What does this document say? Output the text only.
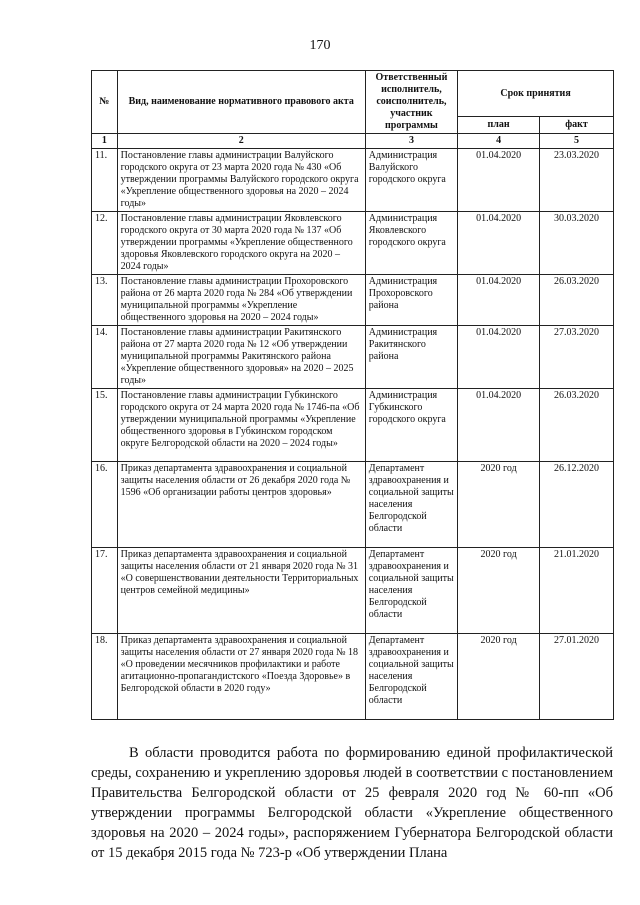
170
№	Вид, наименование нормативного правового акта	Ответственный исполнитель, соисполнитель, участник программы	Срок принятия	
			план	факт
1	2	3	4	5
11.	Постановление главы администрации Валуйского городского округа от 23 марта 2020 года № 430 «Об утверждении программы Валуйского городского округа «Укрепление общественного здоровья на 2020 – 2024 годы»	Администрация Валуйского городского округа	01.04.2020	23.03.2020
12.	Постановление главы администрации Яковлевского городского округа от 30 марта 2020 года № 137 «Об утверждении программы «Укрепление общественного здоровья Яковлевского городского округа на 2020 – 2024 годы»	Администрация Яковлевского городского округа	01.04.2020	30.03.2020
13.	Постановление главы администрации Прохоровского района от 26 марта 2020 года № 284 «Об утверждении муниципальной программы «Укрепление общественного здоровья на 2020 – 2024 годы»	Администрация Прохоровского района	01.04.2020	26.03.2020
14.	Постановление главы администрации Ракитянского района от 27 марта 2020 года № 12 «Об утверждении муниципальной программы Ракитянского района «Укрепление общественного здоровья» на 2020 – 2025 годы»	Администрация Ракитянского района	01.04.2020	27.03.2020
15.	Постановление главы администрации Губкинского городского округа от 24 марта 2020 года № 1746-па «Об утверждении муниципальной программы «Укрепление общественного здоровья в Губкинском городском округе Белгородской области на 2020 – 2024 годы»	Администрация Губкинского городского округа	01.04.2020	26.03.2020
16.	Приказ департамента здравоохранения и социальной защиты населения области от 26 декабря 2020 года № 1596 «Об организации работы центров здоровья»	Департамент здравоохранения и социальной защиты населения Белгородской области	2020 год	26.12.2020
17.	Приказ департамента здравоохранения и социальной защиты населения области от 21 января 2020 года № 31 «О совершенствовании деятельности Территориальных центров семейной медицины»	Департамент здравоохранения и социальной защиты населения Белгородской области	2020 год	21.01.2020
18.	Приказ департамента здравоохранения и социальной защиты населения области от 27 января 2020 года № 18 «О проведении месячников профилактики и работе агитационно-пропагандистского «Поезда Здоровье» в Белгородской области в 2020 году»	Департамент здравоохранения и социальной защиты населения Белгородской области	2020 год	27.01.2020

В области проводится работа по формированию единой профилактической среды, сохранению и укреплению здоровья людей в соответствии с постановлением Правительства Белгородской области от 25 февраля 2020 год № 60-пп «Об утверждении программы Белгородской области «Укрепление общественного здоровья на 2020 – 2024 годы», распоряжением Губернатора Белгородской области от 15 декабря 2015 года № 723-р «Об утверждении Плана
